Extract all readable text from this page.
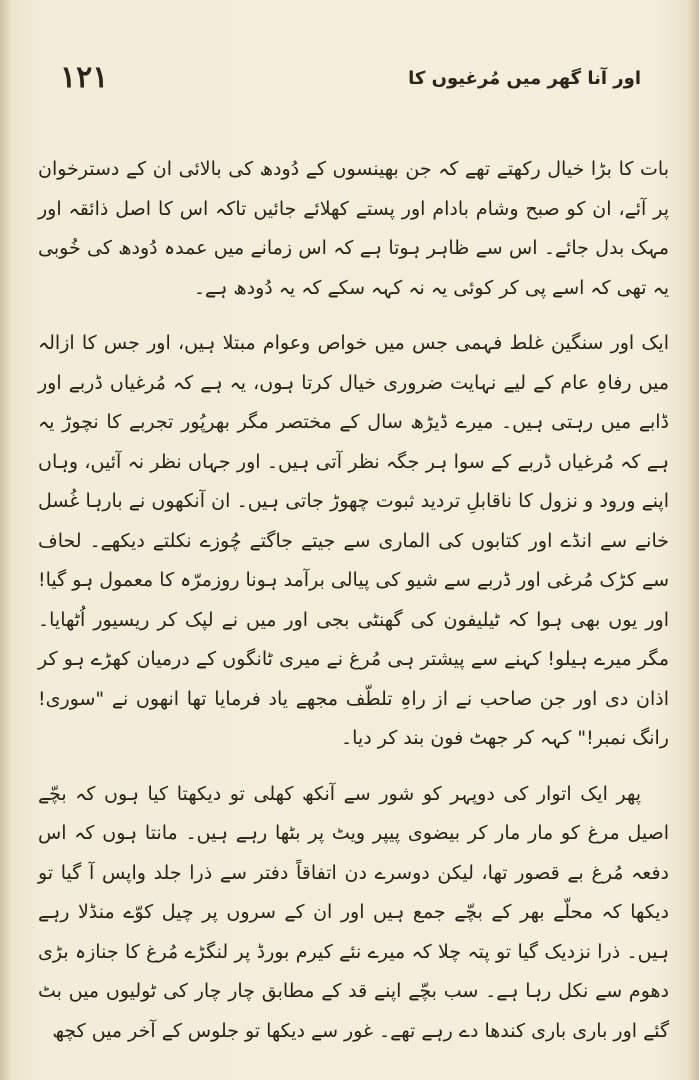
۱۲۱	اور آنا گھر میں مُرغیوں کا

بات کا بڑا خیال رکھتے تھے کہ جن بھینسوں کے دُودھ کی بالائی ان کے دسترخوان پر آئے، ان کو صبح وشام بادام اور پستے کھلائے جائیں تاکہ اس کا اصل ذائقہ اور مہک بدل جائے۔ اس سے ظاہر ہوتا ہے کہ اس زمانے میں عمدہ دُودھ کی خُوبی یہ تھی کہ اسے پی کر کوئی یہ نہ کہہ سکے کہ یہ دُودھ ہے۔

ایک اور سنگین غلط فہمی جس میں خواص وعوام مبتلا ہیں، اور جس کا ازالہ میں رفاہِ عام کے لیے نہایت ضروری خیال کرتا ہوں، یہ ہے کہ مُرغیاں ڈربے اور ڈابے میں رہتی ہیں۔ میرے ڈیڑھ سال کے مختصر مگر بھرپُور تجربے کا نچوڑ یہ ہے کہ مُرغیاں ڈربے کے سوا ہر جگہ نظر آتی ہیں۔ اور جہاں نظر نہ آئیں، وہاں اپنے ورود و نزول کا ناقابلِ تردید ثبوت چھوڑ جاتی ہیں۔ ان آنکھوں نے بارہا غُسل خانے سے انڈے اور کتابوں کی الماری سے جیتے جاگتے چُوزے نکلتے دیکھے۔ لحاف سے کڑک مُرغی اور ڈربے سے شیو کی پیالی برآمد ہونا روزمرّہ کا معمول ہو گیا! اور یوں بھی ہوا کہ ٹیلیفون کی گھنٹی بجی اور میں نے لپک کر ریسیور اُٹھایا۔ مگر میرے ہیلو! کہنے سے پیشتر ہی مُرغ نے میری ٹانگوں کے درمیان کھڑے ہو کر اذان دی اور جن صاحب نے از راہِ تلطّف مجھے یاد فرمایا تھا انھوں نے "سوری! رانگ نمبر!" کہہ کر جھٹ فون بند کر دیا۔

پھر ایک اتوار کی دوپہر کو شور سے آنکھ کھلی تو دیکھتا کیا ہوں کہ بچّے اصیل مرغ کو مار مار کر بیضوی پیپر ویٹ پر بٹھا رہے ہیں۔ مانتا ہوں کہ اس دفعہ مُرغ بے قصور تھا، لیکن دوسرے دن اتفاقاً دفتر سے ذرا جلد واپس آ گیا تو دیکھا کہ محلّے بھر کے بچّے جمع ہیں اور ان کے سروں پر چیل کوّے منڈلا رہے ہیں۔ ذرا نزدیک گیا تو پتہ چلا کہ میرے نئے کیرم بورڈ پر لنگڑے مُرغ کا جنازہ بڑی دھوم سے نکل رہا ہے۔ سب بچّے اپنے قد کے مطابق چار چار کی ٹولیوں میں بٹ گئے اور باری باری کندھا دے رہے تھے۔ غور سے دیکھا تو جلوس کے آخر میں کچھ
